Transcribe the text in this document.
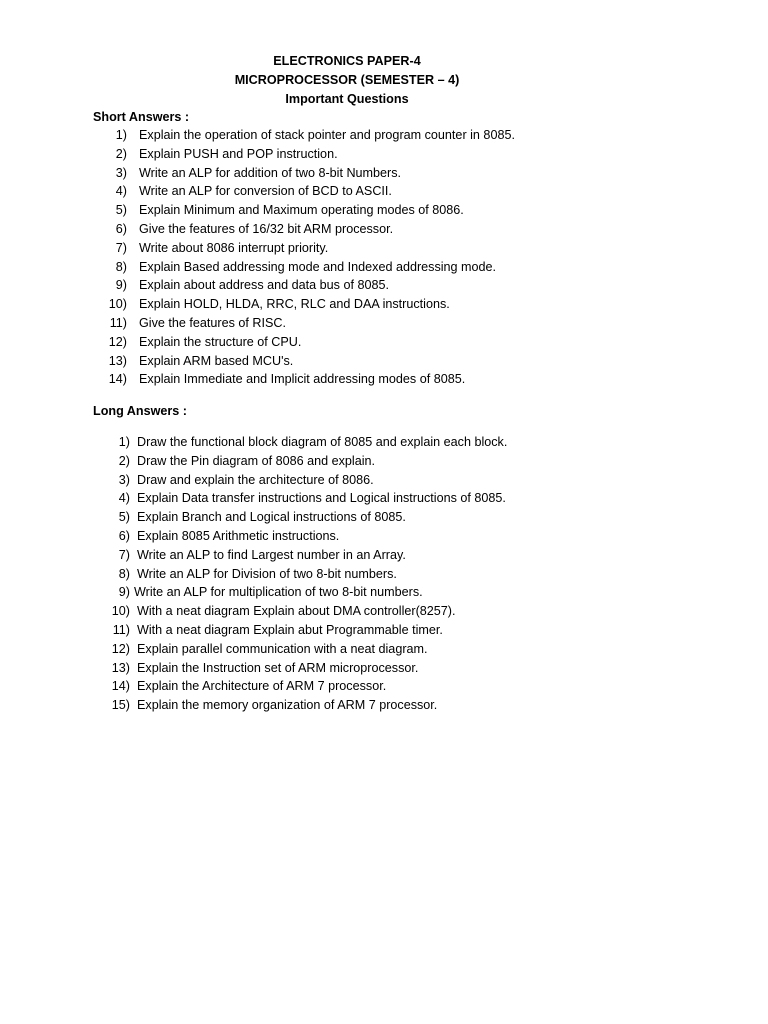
ELECTRONICS PAPER-4
MICROPROCESSOR (SEMESTER – 4)
Important Questions
Short Answers :
1) Explain the operation of stack pointer and program counter in 8085.
2) Explain PUSH and POP instruction.
3) Write an ALP for addition of two 8-bit Numbers.
4) Write an ALP for conversion of BCD to ASCII.
5) Explain Minimum and Maximum operating modes of 8086.
6) Give the features of 16/32 bit ARM processor.
7) Write about 8086 interrupt priority.
8) Explain Based addressing mode and Indexed addressing mode.
9) Explain about address and data bus of 8085.
10) Explain HOLD, HLDA, RRC, RLC and DAA instructions.
11) Give the features of RISC.
12) Explain the structure of CPU.
13) Explain ARM based MCU's.
14) Explain Immediate and Implicit addressing modes of 8085.
Long Answers :
1) Draw the functional block diagram of 8085 and explain each block.
2) Draw the Pin diagram of 8086 and explain.
3) Draw and explain the architecture of 8086.
4) Explain Data transfer instructions and Logical instructions of 8085.
5) Explain Branch and Logical instructions of 8085.
6) Explain 8085 Arithmetic instructions.
7) Write an ALP to find Largest number in an Array.
8) Write an ALP for Division of two 8-bit numbers.
9) Write an ALP for multiplication of two 8-bit numbers.
10) With a neat diagram Explain about DMA controller(8257).
11) With a neat diagram Explain abut Programmable timer.
12) Explain parallel communication with a neat diagram.
13) Explain the Instruction set of ARM microprocessor.
14) Explain the Architecture of ARM 7 processor.
15) Explain the memory organization of ARM 7 processor.
